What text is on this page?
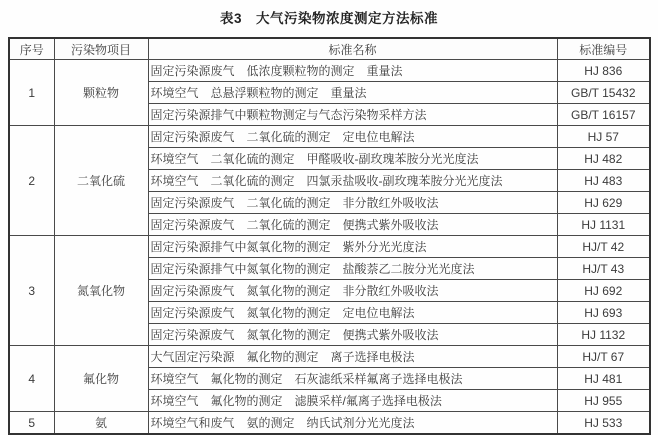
表3　大气污染物浓度测定方法标准
序号	污染物项目	标准名称	标准编号
1	颗粒物	固定污染源废气　低浓度颗粒物的测定　重量法	HJ 836
		环境空气　总悬浮颗粒物的测定　重量法	GB/T 15432
		固定污染源排气中颗粒物测定与气态污染物采样方法	GB/T 16157
2	二氧化硫	固定污染源废气　二氧化硫的测定　定电位电解法	HJ 57
		环境空气　二氧化硫的测定　甲醛吸收-副玫瑰苯胺分光光度法	HJ 482
		环境空气　二氧化硫的测定　四氯汞盐吸收-副玫瑰苯胺分光光度法	HJ 483
		固定污染源废气　二氧化硫的测定　非分散红外吸收法	HJ 629
		固定污染源废气　二氧化硫的测定　便携式紫外吸收法	HJ 1131
3	氮氧化物	固定污染源排气中氮氧化物的测定　紫外分光光度法	HJ/T 42
		固定污染源排气中氮氧化物的测定　盐酸萘乙二胺分光光度法	HJ/T 43
		固定污染源废气　氮氧化物的测定　非分散红外吸收法	HJ 692
		固定污染源废气　氮氧化物的测定　定电位电解法	HJ 693
		固定污染源废气　氮氧化物的测定　便携式紫外吸收法	HJ 1132
4	氟化物	大气固定污染源　氟化物的测定　离子选择电极法	HJ/T 67
		环境空气　氟化物的测定　石灰滤纸采样氟离子选择电极法	HJ 481
		环境空气　氟化物的测定　滤膜采样/氟离子选择电极法	HJ 955
5	氨	环境空气和废气　氨的测定　纳氏试剂分光光度法	HJ 533
